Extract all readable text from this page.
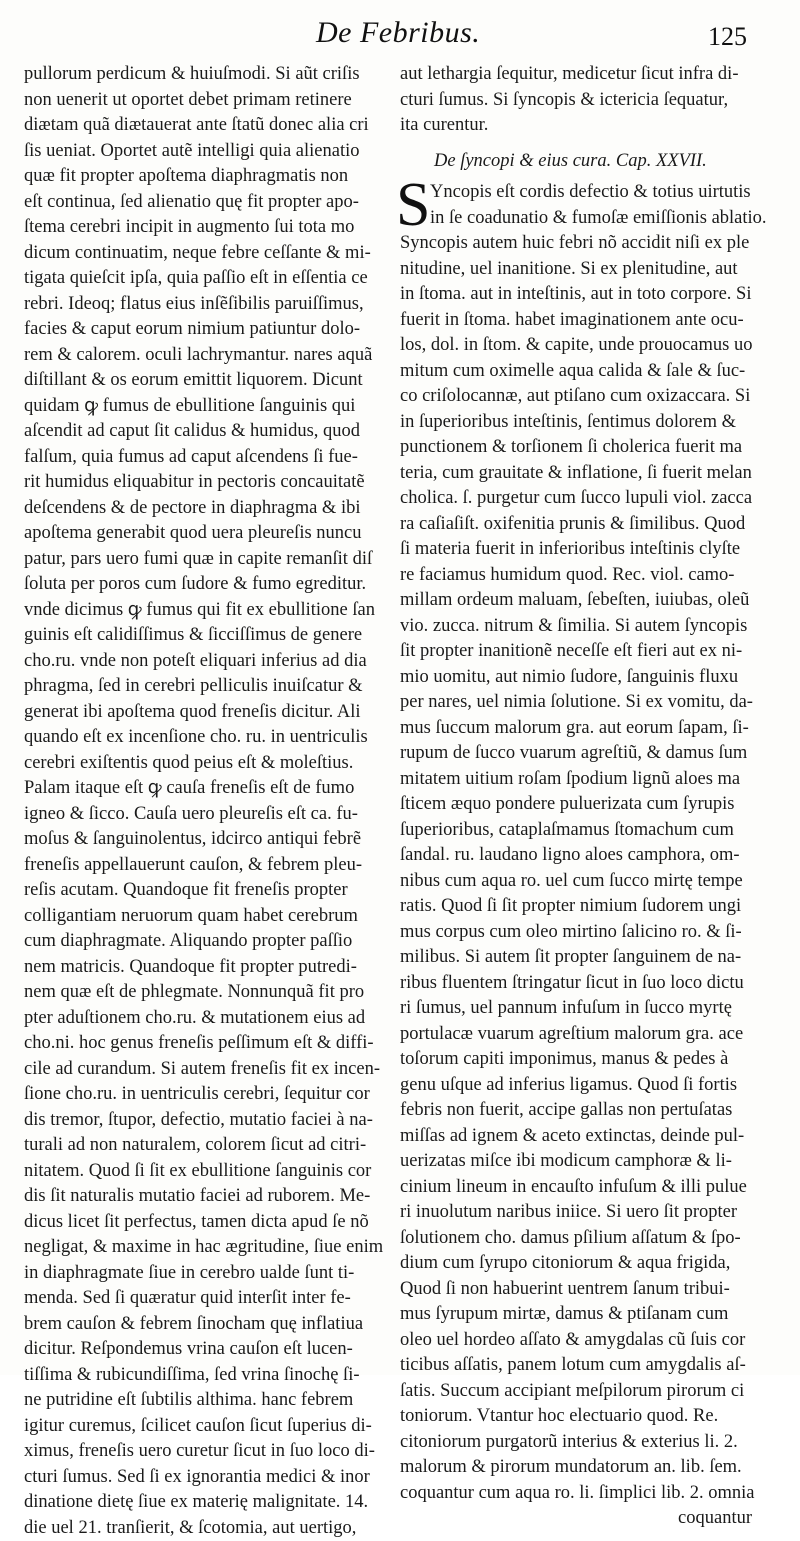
De Febribus.	125
pullorum perdicum & huiuſmodi. Si aũt criſis
non uenerit ut oportet debet primam retinere
diætam quã diætauerat ante ſtatũ donec alia cri
ſis ueniat. Oportet autẽ intelligi quia alienatio
quæ fit propter apoſtema diaphragmatis non
eſt continua, ſed alienatio quę fit propter apo-
ſtema cerebri incipit in augmento ſui tota mo
dicum continuatim, neque febre ceſſante & mi-
tigata quieſcit ipſa, quia paſſio eſt in eſſentia ce
rebri. Ideoq; flatus eius inſẽſibilis paruiſſimus,
facies & caput eorum nimium patiuntur dolo-
rem & calorem. oculi lachrymantur. nares aquã
diſtillant & os eorum emittit liquorem. Dicunt
quidam ꝙ fumus de ebullitione ſanguinis qui
aſcendit ad caput ſit calidus & humidus, quod
falſum, quia fumus ad caput aſcendens ſi fue-
rit humidus eliquabitur in pectoris concauitatẽ
deſcendens & de pectore in diaphragma & ibi
apoſtema generabit quod uera pleureſis nuncu
patur, pars uero fumi quæ in capite remanſit diſ
ſoluta per poros cum ſudore & fumo egreditur.
vnde dicimus ꝙ fumus qui fit ex ebullitione ſan
guinis eſt calidiſſimus & ſicciſſimus de genere
cho.ru. vnde non poteſt eliquari inferius ad dia
phragma, ſed in cerebri pelliculis inuiſcatur &
generat ibi apoſtema quod freneſis dicitur. Ali
quando eſt ex incenſione cho. ru. in uentriculis
cerebri exiſtentis quod peius eſt & moleſtius.
Palam itaque eſt ꝙ cauſa freneſis eſt de fumo
igneo & ſicco. Cauſa uero pleureſis eſt ca. fu-
moſus & ſanguinolentus, idcirco antiqui febrẽ
freneſis appellauerunt cauſon, & febrem pleu-
reſis acutam. Quandoque fit freneſis propter
colligantiam neruorum quam habet cerebrum
cum diaphragmate. Aliquando propter paſſio
nem matricis. Quandoque fit propter putredi-
nem quæ eſt de phlegmate. Nonnunquã fit pro
pter aduſtionem cho.ru. & mutationem eius ad
cho.ni. hoc genus freneſis peſſimum eſt & diffi-
cile ad curandum. Si autem freneſis fit ex incen-
ſione cho.ru. in uentriculis cerebri, ſequitur cor
dis tremor, ſtupor, defectio, mutatio faciei à na-
turali ad non naturalem, colorem ſicut ad citri-
nitatem. Quod ſi ſit ex ebullitione ſanguinis cor
dis ſit naturalis mutatio faciei ad ruborem. Me-
dicus licet ſit perfectus, tamen dicta apud ſe nõ
negligat, & maxime in hac ægritudine, ſiue enim
in diaphragmate ſiue in cerebro ualde ſunt ti-
menda. Sed ſi quæratur quid interſit inter fe-
brem cauſon & febrem ſinocham quę inflatiua
dicitur. Reſpondemus vrina cauſon eſt lucen-
tiſſima & rubicundiſſima, ſed vrina ſinochę ſi-
ne putridine eſt ſubtilis althima. hanc febrem
igitur curemus, ſcilicet cauſon ſicut ſuperius di-
ximus, freneſis uero curetur ſicut in ſuo loco di-
cturi ſumus. Sed ſi ex ignorantia medici & inor
dinatione dietę ſiue ex materię malignitate. 14.
die uel 21. tranſierit, & ſcotomia, aut uertigo,
aut lethargia ſequitur, medicetur ſicut infra di-
cturi ſumus. Si ſyncopis & ictericia ſequatur,
ita curentur.
De ſyncopi & eius cura. Cap. XXVII.
S Yncopis eſt cordis defectio & totius uirtutis
in ſe coadunatio & fumoſæ emiſſionis ablatio.
Syncopis autem huic febri nõ accidit niſi ex ple
nitudine, uel inanitione. Si ex plenitudine, aut
in ſtoma. aut in inteſtinis, aut in toto corpore. Si
fuerit in ſtoma. habet imaginationem ante ocu-
los, dol. in ſtom. & capite, unde prouocamus uo
mitum cum oximelle aqua calida & ſale & ſuc-
co criſolocannæ, aut ptiſano cum oxizaccara. Si
in ſuperioribus inteſtinis, ſentimus dolorem &
punctionem & torſionem ſi cholerica fuerit ma
teria, cum grauitate & inflatione, ſi fuerit melan
cholica. ſ. purgetur cum ſucco lupuli viol. zacca
ra caſiaſiſt. oxifenitia prunis & ſimilibus. Quod
ſi materia fuerit in inferioribus inteſtinis clyſte
re faciamus humidum quod. Rec. viol. camo-
millam ordeum maluam, ſebeſten, iuiubas, oleũ
vio. zucca. nitrum & ſimilia. Si autem ſyncopis
ſit propter inanitionẽ neceſſe eſt fieri aut ex ni-
mio uomitu, aut nimio ſudore, ſanguinis fluxu
per nares, uel nimia ſolutione. Si ex vomitu, da-
mus ſuccum malorum gra. aut eorum ſapam, ſi-
rupum de ſucco vuarum agreſtiũ, & damus ſum
mitatem uitium roſam ſpodium lignũ aloes ma
ſticem æquo pondere puluerizata cum ſyrupis
ſuperioribus, cataplaſmamus ſtomachum cum
ſandal. ru. laudano ligno aloes camphora, om-
nibus cum aqua ro. uel cum ſucco mirtę tempe
ratis. Quod ſi ſit propter nimium ſudorem ungi
mus corpus cum oleo mirtino ſalicino ro. & ſi-
milibus. Si autem ſit propter ſanguinem de na-
ribus fluentem ſtringatur ſicut in ſuo loco dictu
ri ſumus, uel pannum infuſum in ſucco myrtę
portulacæ vuarum agreſtium malorum gra. ace
toſorum capiti imponimus, manus & pedes à
genu uſque ad inferius ligamus. Quod ſi fortis
febris non fuerit, accipe gallas non pertuſatas
miſſas ad ignem & aceto extinctas, deinde pul-
uerizatas miſce ibi modicum camphoræ & li-
cinium lineum in encauſto infuſum & illi pulue
ri inuolutum naribus iniice. Si uero ſit propter
ſolutionem cho. damus pſilium aſſatum & ſpo-
dium cum ſyrupo citoniorum & aqua frigida,
Quod ſi non habuerint uentrem ſanum tribui-
mus ſyrupum mirtæ, damus & ptiſanam cum
oleo uel hordeo aſſato & amygdalas cũ ſuis cor
ticibus aſſatis, panem lotum cum amygdalis aſ-
ſatis. Succum accipiant meſpilorum pirorum ci
toniorum. Vtantur hoc electuario quod. Re.
citoniorum purgatorũ interius & exterius li. 2.
malorum & pirorum mundatorum an. lib. ſem.
coquantur cum aqua ro. li. ſimplici lib. 2. omnia
coquantur
